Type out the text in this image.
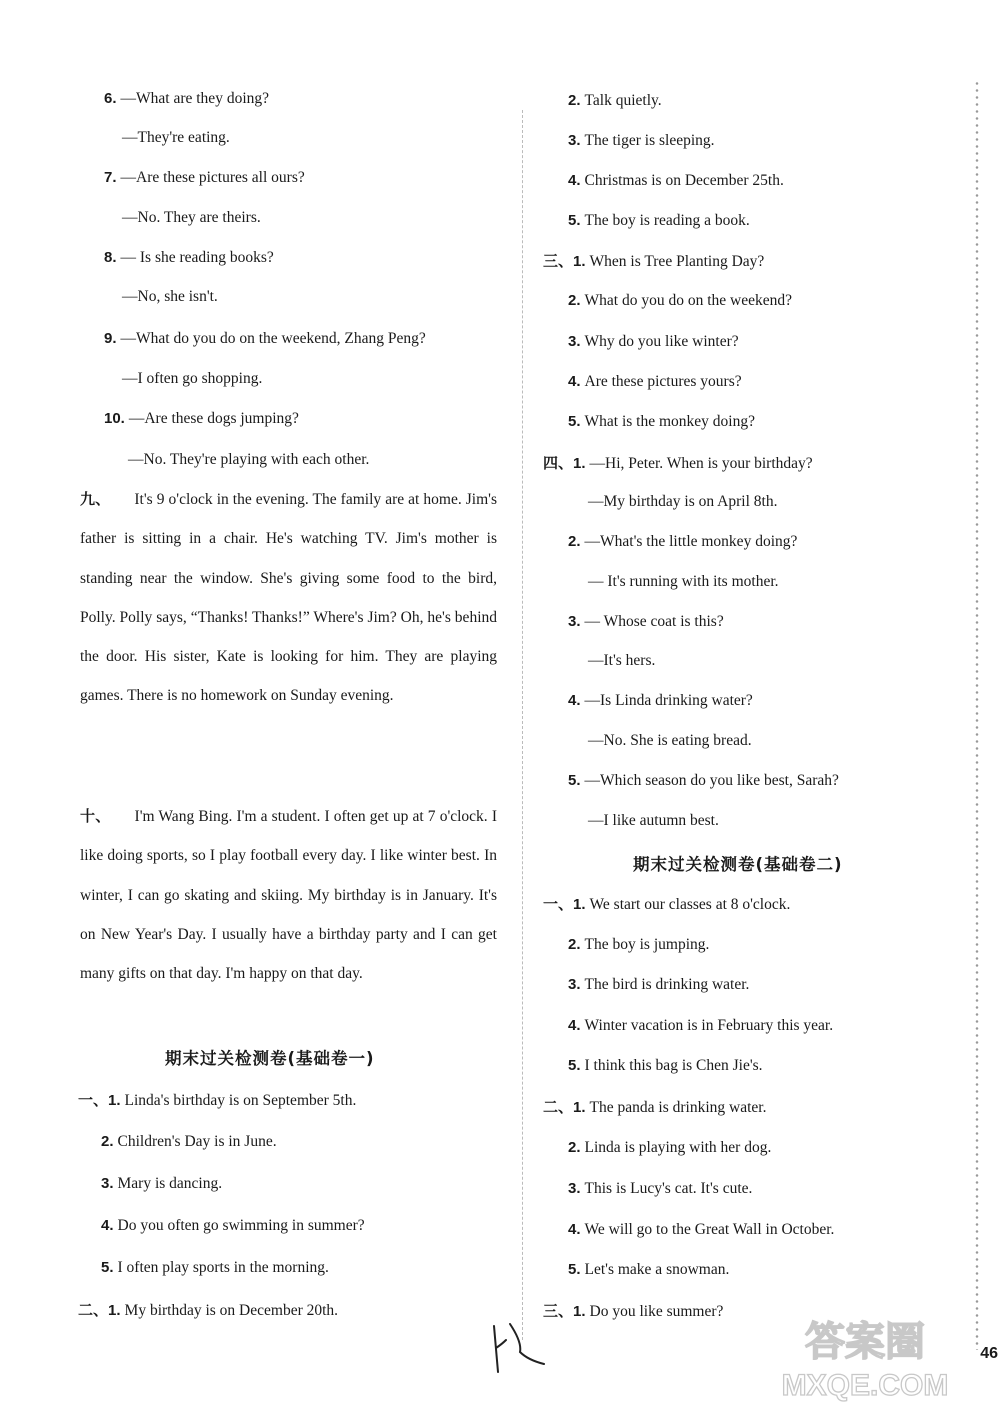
6. —What are they doing?
—They're eating.
7. —Are these pictures all ours?
—No. They are theirs.
8. — Is she reading books?
—No, she isn't.
9. —What do you do on the weekend, Zhang Peng?
—I often go shopping.
10. —Are these dogs jumping?
—No. They're playing with each other.
九、 It's 9 o'clock in the evening. The family are at home. Jim's father is sitting in a chair. He's watching TV. Jim's mother is standing near the window. She's giving some food to the bird, Polly. Polly says, “Thanks! Thanks!” Where's Jim? Oh, he's behind the door. His sister, Kate is looking for him. They are playing games. There is no homework on Sunday evening.
十、 I'm Wang Bing. I'm a student. I often get up at 7 o'clock. I like doing sports, so I play football every day. I like winter best. In winter, I can go skating and skiing. My birthday is in January. It's on New Year's Day. I usually have a birthday party and I can get many gifts on that day. I'm happy on that day.
期末过关检测卷(基础卷一)
一、1. Linda's birthday is on September 5th.
2. Children's Day is in June.
3. Mary is dancing.
4. Do you often go swimming in summer?
5. I often play sports in the morning.
二、1. My birthday is on December 20th.
2. Talk quietly.
3. The tiger is sleeping.
4. Christmas is on December 25th.
5. The boy is reading a book.
三、1. When is Tree Planting Day?
2. What do you do on the weekend?
3. Why do you like winter?
4. Are these pictures yours?
5. What is the monkey doing?
四、1. —Hi, Peter. When is your birthday?
—My birthday is on April 8th.
2. —What's the little monkey doing?
— It's running with its mother.
3. — Whose coat is this?
—It's hers.
4. —Is Linda drinking water?
—No. She is eating bread.
5. —Which season do you like best, Sarah?
—I like autumn best.
期末过关检测卷(基础卷二)
一、1. We start our classes at 8 o'clock.
2. The boy is jumping.
3. The bird is drinking water.
4. Winter vacation is in February this year.
5. I think this bag is Chen Jie's.
二、1. The panda is drinking water.
2. Linda is playing with her dog.
3. This is Lucy's cat. It's cute.
4. We will go to the Great Wall in October.
5. Let's make a snowman.
三、1. Do you like summer?
答案圈
MXQE.COM
46
